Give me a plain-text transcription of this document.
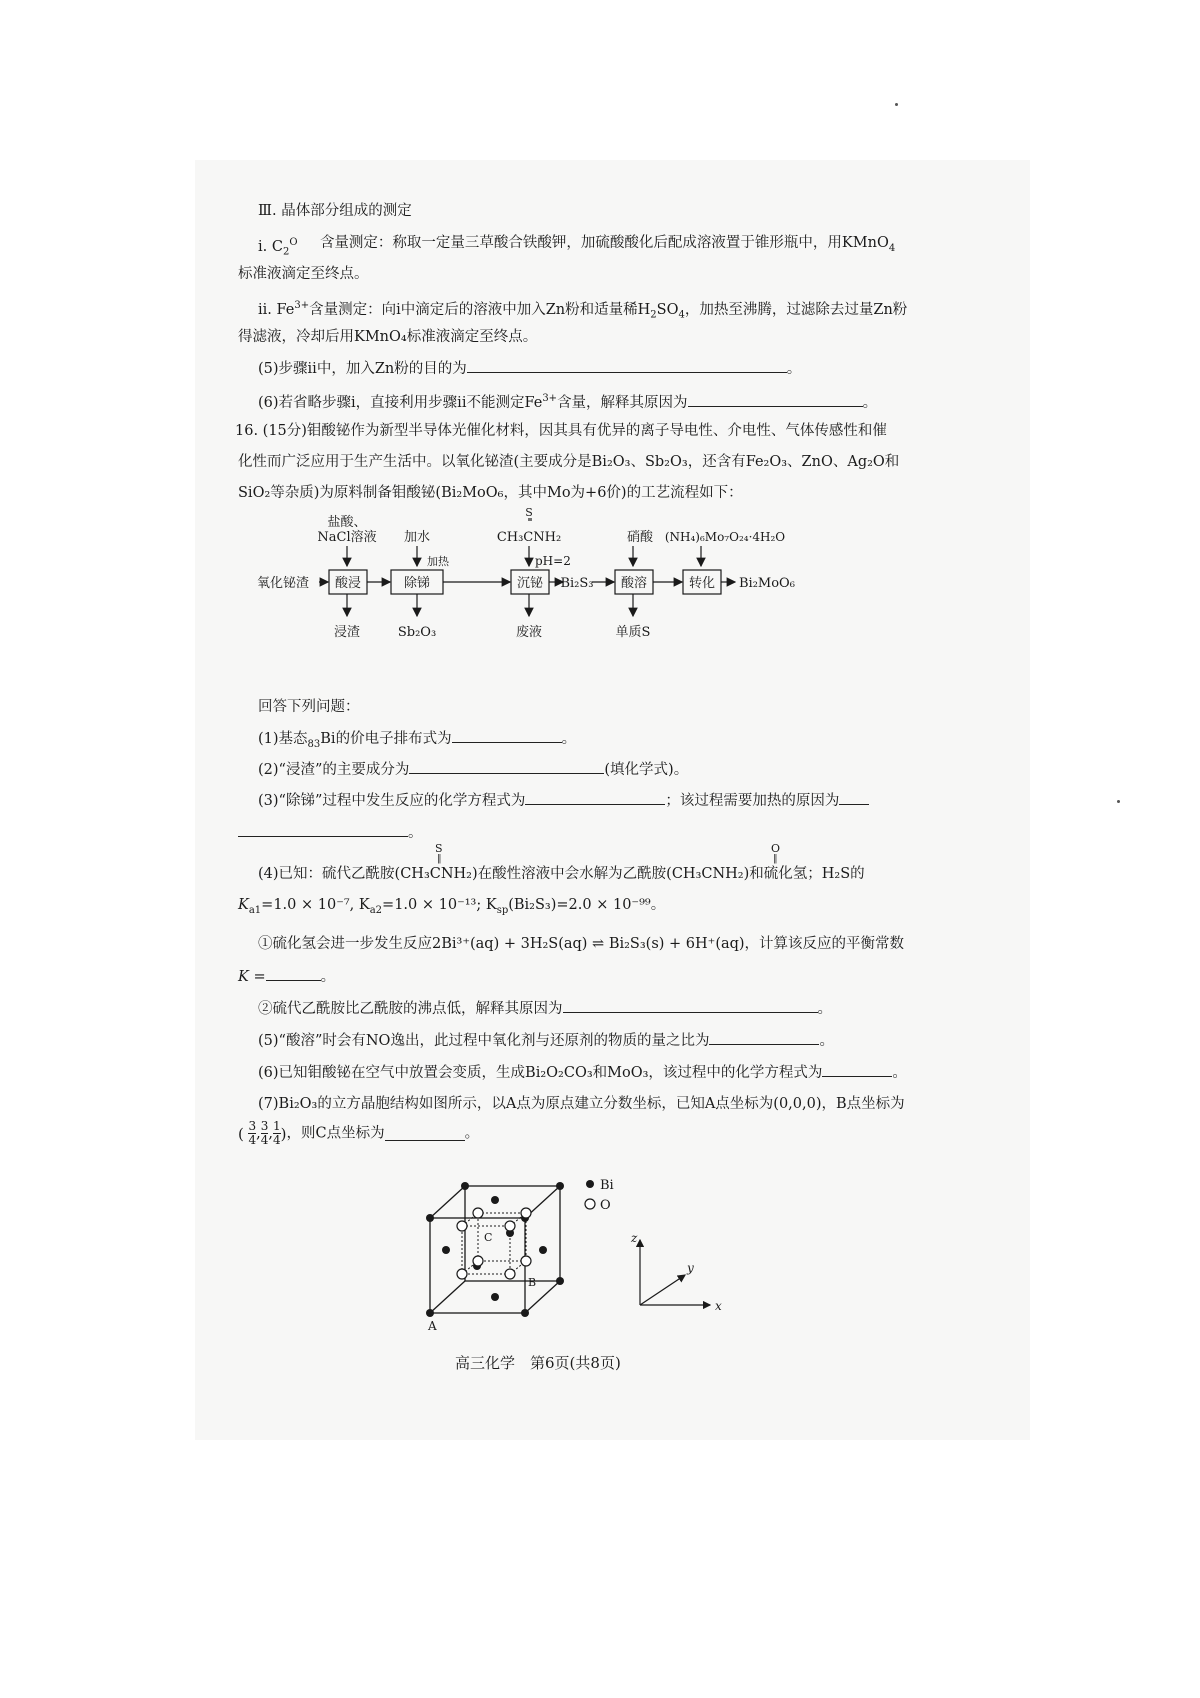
Ⅲ. 晶体部分组成的测定
i. $C_2^O$	含量测定：称取一定量三草酸合铁酸钾，加硫酸酸化后配成溶液置于锥形瓶中，用KMnO$_4$
标准液滴定至终点。
ii. $Fe^{3+}$含量测定：向i中滴定后的溶液中加入Zn粉和适量稀$H_2SO_4$，加热至沸腾，过滤除去过量Zn粉
得滤液，冷却后用KMnO₄标准液滴定至终点。
(5)步骤ii中，加入Zn粉的目的为	。
(6)若省略步骤i，直接利用步骤ii不能测定$Fe^{3+}$含量，解释其原因为	。
16. (15分)钼酸铋作为新型半导体光催化材料，因其具有优异的离子导电性、介电性、气体传感性和催
化性而广泛应用于生产生活中。以氧化铋渣(主要成分是Bi₂O₃、Sb₂O₃，还含有Fe₂O₃、ZnO、Ag₂O和
SiO₂等杂质)为原料制备钼酸铋(Bi₂MoO₆，其中Mo为+6价)的工艺流程如下：
盐酸、
NaCl溶液 加水
加热
S
CH₃CNH₂
pH=2
硝酸 (NH₄)₆Mo₇O₂₄·4H₂O
氧化铋渣 酸浸	除锑	沉铋 Bi₂S₃ 酸溶	转化 Bi₂MoO₆
浸渣	Sb₂O₃	废液	单质S
回答下列问题：
(1)基态$_{83}$Bi的价电子排布式为	。
(2)“浸渣”的主要成分为	(填化学式)。
(3)“除锑”过程中发生反应的化学方程式为	；该过程需要加热的原因为
。
S
‖
O
‖
(4)已知：硫代乙酰胺(CH₃CNH₂)在酸性溶液中会水解为乙酰胺(CH₃CNH₂)和硫化氢；H₂S的
$K_{a1}=1.0 \times 10^{-7}$, $K_{a2}=1.0 \times 10^{-13}$; $K_{sp}(Bi_2S_3)=2.0 \times 10^{-99}$。
①硫化氢会进一步发生反应2Bi³⁺(aq) + 3H₂S(aq) ⇌ Bi₂S₃(s) + 6H⁺(aq)，计算该反应的平衡常数
K =	。
②硫代乙酰胺比乙酰胺的沸点低，解释其原因为	。
(5)“酸溶”时会有NO逸出，此过程中氧化剂与还原剂的物质的量之比为	。
(6)已知钼酸铋在空气中放置会变质，生成Bi₂O₂CO₃和MoO₃，该过程中的化学方程式为	。
(7)Bi₂O₃的立方晶胞结构如图所示，以A点为原点建立分数坐标，已知A点坐标为(0,0,0)，B点坐标为
( $\frac{3}{4}$ , $\frac{3}{4}$ , $\frac{1}{4}$ )，则C点坐标为	。
A
B
C
Bi
O
z
y
x
高三化学　第6页(共8页)
